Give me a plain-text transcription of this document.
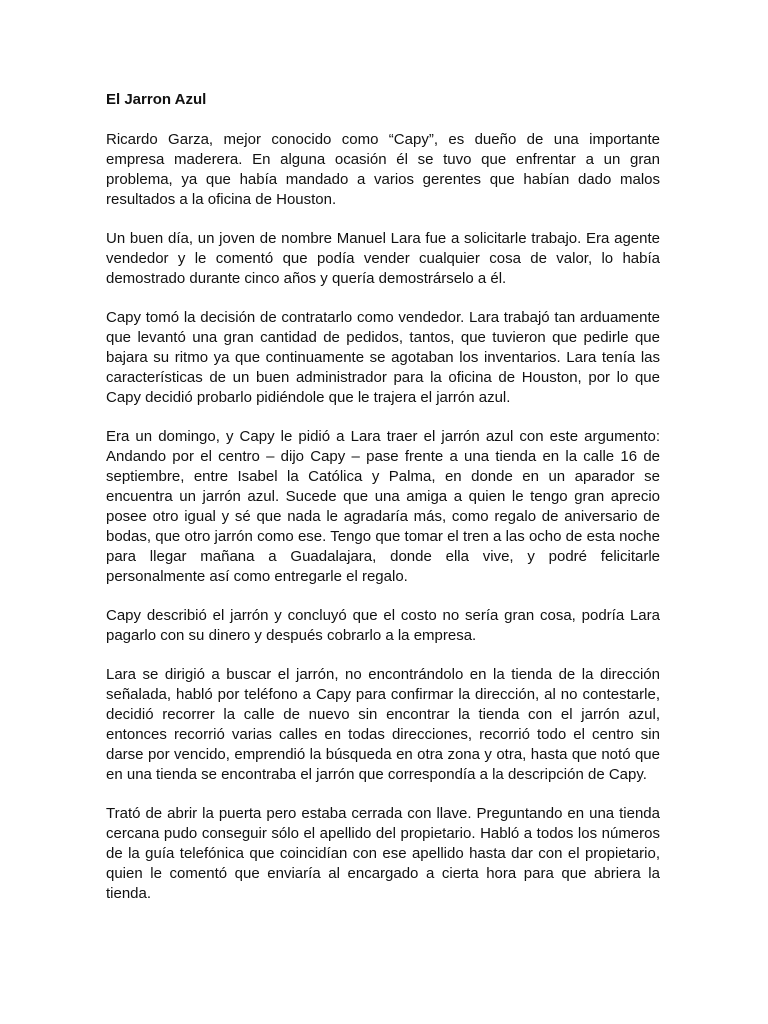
El Jarron Azul

Ricardo Garza, mejor conocido como “Capy”, es dueño de una importante empresa maderera. En alguna ocasión él se tuvo que enfrentar a un gran problema, ya que había mandado a varios gerentes que habían dado malos resultados a la oficina de Houston.

Un buen día, un joven de nombre Manuel Lara fue a solicitarle trabajo. Era agente vendedor y le comentó que podía vender cualquier cosa de valor, lo había demostrado durante cinco años y quería demostrárselo a él.

Capy tomó la decisión de contratarlo como vendedor. Lara trabajó tan arduamente que levantó una gran cantidad de pedidos, tantos, que tuvieron que pedirle que bajara su ritmo ya que continuamente se agotaban los inventarios. Lara tenía las características de un buen administrador para la oficina de Houston, por lo que Capy decidió probarlo pidiéndole que le trajera el jarrón azul.

Era un domingo, y Capy le pidió a Lara traer el jarrón azul con este argumento: Andando por el centro – dijo Capy – pase frente a una tienda en la calle 16 de septiembre, entre Isabel la Católica y Palma, en donde en un aparador se encuentra un jarrón azul. Sucede que una amiga a quien le tengo gran aprecio posee otro igual y sé que nada le agradaría más, como regalo de aniversario de bodas, que otro jarrón como ese. Tengo que tomar el tren a las ocho de esta noche para llegar mañana a Guadalajara, donde ella vive, y podré felicitarle personalmente así como entregarle el regalo.

Capy describió el jarrón y concluyó que el costo no sería gran cosa, podría Lara pagarlo con su dinero y después cobrarlo a la empresa.

Lara se dirigió a buscar el jarrón, no encontrándolo en la tienda de la dirección señalada, habló por teléfono a Capy para confirmar la dirección, al no contestarle, decidió recorrer la calle de nuevo sin encontrar la tienda con el jarrón azul, entonces recorrió varias calles en todas direcciones, recorrió todo el centro sin darse por vencido, emprendió la búsqueda en otra zona y otra, hasta que notó que en una tienda se encontraba el jarrón que correspondía a la descripción de Capy.

Trató de abrir la puerta pero estaba cerrada con llave. Preguntando en una tienda cercana pudo conseguir sólo el apellido del propietario. Habló a todos los números de la guía telefónica que coincidían con ese apellido hasta dar con el propietario, quien le comentó que enviaría al encargado a cierta hora para que abriera la tienda.
